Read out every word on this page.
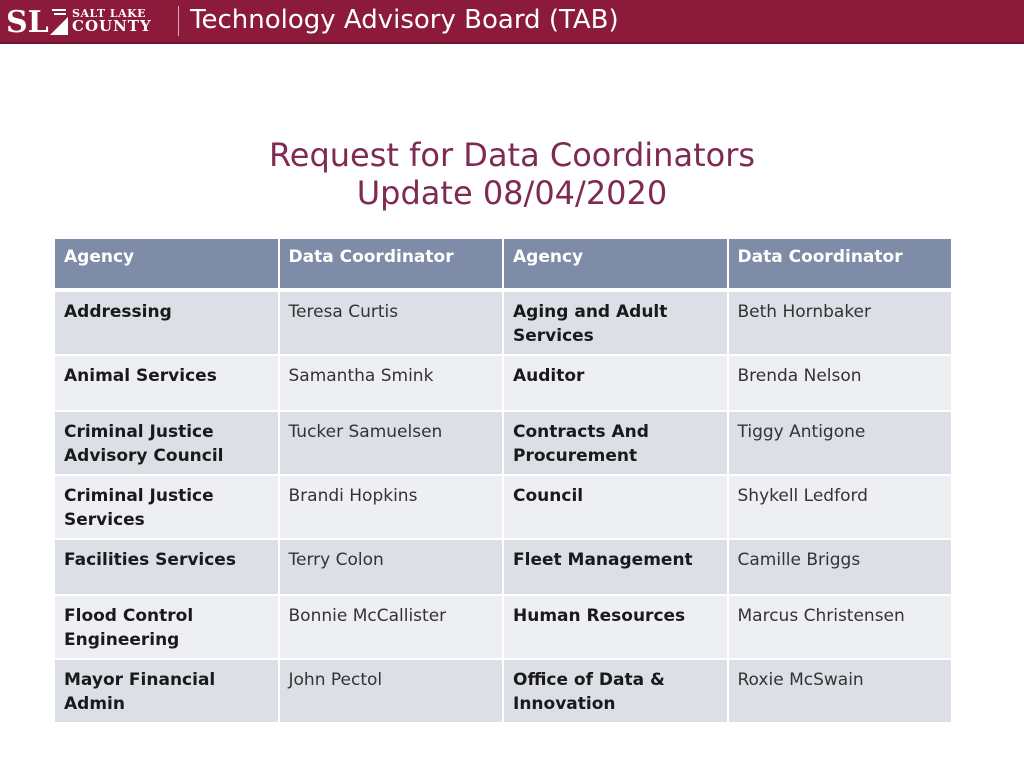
SL SALT LAKE
COUNTY Technology Advisory Board (TAB)
Request for Data Coordinators
Update 08/04/2020
Agency	Data Coordinator	Agency	Data Coordinator
Addressing	Teresa Curtis	Aging and Adult Services	Beth Hornbaker
Animal Services	Samantha Smink	Auditor	Brenda Nelson
Criminal Justice Advisory Council	Tucker Samuelsen	Contracts And Procurement	Tiggy Antigone
Criminal Justice Services	Brandi Hopkins	Council	Shykell Ledford
Facilities Services	Terry Colon	Fleet Management	Camille Briggs
Flood Control Engineering	Bonnie McCallister	Human Resources	Marcus Christensen
Mayor Financial Admin	John Pectol	Office of Data & Innovation	Roxie McSwain
